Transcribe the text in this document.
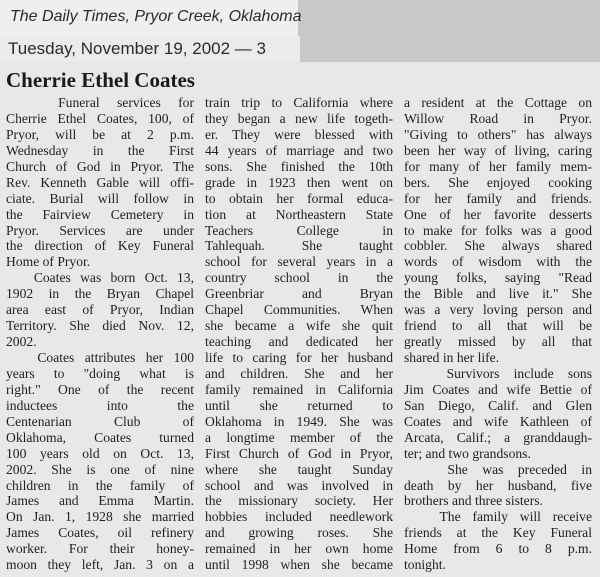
The Daily Times, Pryor Creek, Oklahoma
Tuesday, November 19, 2002 — 3
Cherrie Ethel Coates
Funeral services for
Cherrie Ethel Coates, 100, of
Pryor, will be at 2 p.m.
Wednesday in the First
Church of God in Pryor. The
Rev. Kenneth Gable will offi-
ciate. Burial will follow in
the Fairview Cemetery in
Pryor. Services are under
the direction of Key Funeral
Home of Pryor.
Coates was born Oct. 13,
1902 in the Bryan Chapel
area east of Pryor, Indian
Territory. She died Nov. 12,
2002.
Coates attributes her 100
years to "doing what is
right." One of the recent
inductees into the
Centenarian Club of
Oklahoma, Coates turned
100 years old on Oct. 13,
2002. She is one of nine
children in the family of
James and Emma Martin.
On Jan. 1, 1928 she married
James Coates, oil refinery
worker. For their honey-
moon they left, Jan. 3 on a
train trip to California where
they began a new life togeth-
er. They were blessed with
44 years of marriage and two
sons. She finished the 10th
grade in 1923 then went on
to obtain her formal educa-
tion at Northeastern State
Teachers College in
Tahlequah. She taught
school for several years in a
country school in the
Greenbriar and Bryan
Chapel Communities. When
she became a wife she quit
teaching and dedicated her
life to caring for her husband
and children. She and her
family remained in California
until she returned to
Oklahoma in 1949. She was
a longtime member of the
First Church of God in Pryor,
where she taught Sunday
school and was involved in
the missionary society. Her
hobbies included needlework
and growing roses. She
remained in her own home
until 1998 when she became
a resident at the Cottage on
Willow Road in Pryor.
"Giving to others" has always
been her way of living, caring
for many of her family mem-
bers. She enjoyed cooking
for her family and friends.
One of her favorite desserts
to make for folks was a good
cobbler. She always shared
words of wisdom with the
young folks, saying "Read
the Bible and live it." She
was a very loving person and
friend to all that will be
greatly missed by all that
shared in her life.
Survivors include sons
Jim Coates and wife Bettie of
San Diego, Calif. and Glen
Coates and wife Kathleen of
Arcata, Calif.; a granddaugh-
ter; and two grandsons.
She was preceded in
death by her husband, five
brothers and three sisters.
The family will receive
friends at the Key Funeral
Home from 6 to 8 p.m.
tonight.
